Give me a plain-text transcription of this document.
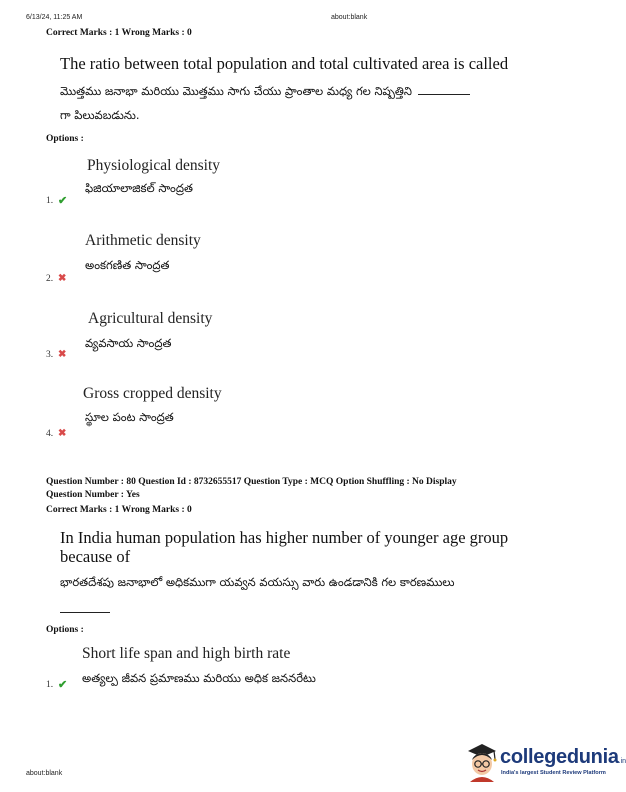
6/13/24, 11:25 AM	about:blank
Correct Marks : 1 Wrong Marks : 0
The ratio between total population and total cultivated area is called
మొత్తము జనాభా మరియు మొత్తము సాగు చేయు ప్రాంతాల మధ్య గల నిష్పత్తిని
గా పిలువబడును.
Options :
Physiological density
ఫిజియాలాజికల్ సాంద్రత
1. ✔
Arithmetic density
అంకగణిత సాంద్రత
2. ✖
Agricultural density
వ్యవసాయ సాంద్రత
3. ✖
Gross cropped density
స్థూల పంట సాంద్రత
4. ✖
Question Number : 80 Question Id : 8732655517 Question Type : MCQ Option Shuffling : No Display
Question Number : Yes
Correct Marks : 1 Wrong Marks : 0
In India human population has higher number of younger age group
because of
భారతదేశపు జనాభాలో అధికముగా యవ్వన వయస్సు వారు ఉండడానికి గల కారణములు
Options :
Short life span and high birth rate
అత్యల్ప జీవన ప్రమాణము మరియు అధిక జననరేటు
1. ✔
about:blank
collegedunia.in
India's largest Student Review Platform
